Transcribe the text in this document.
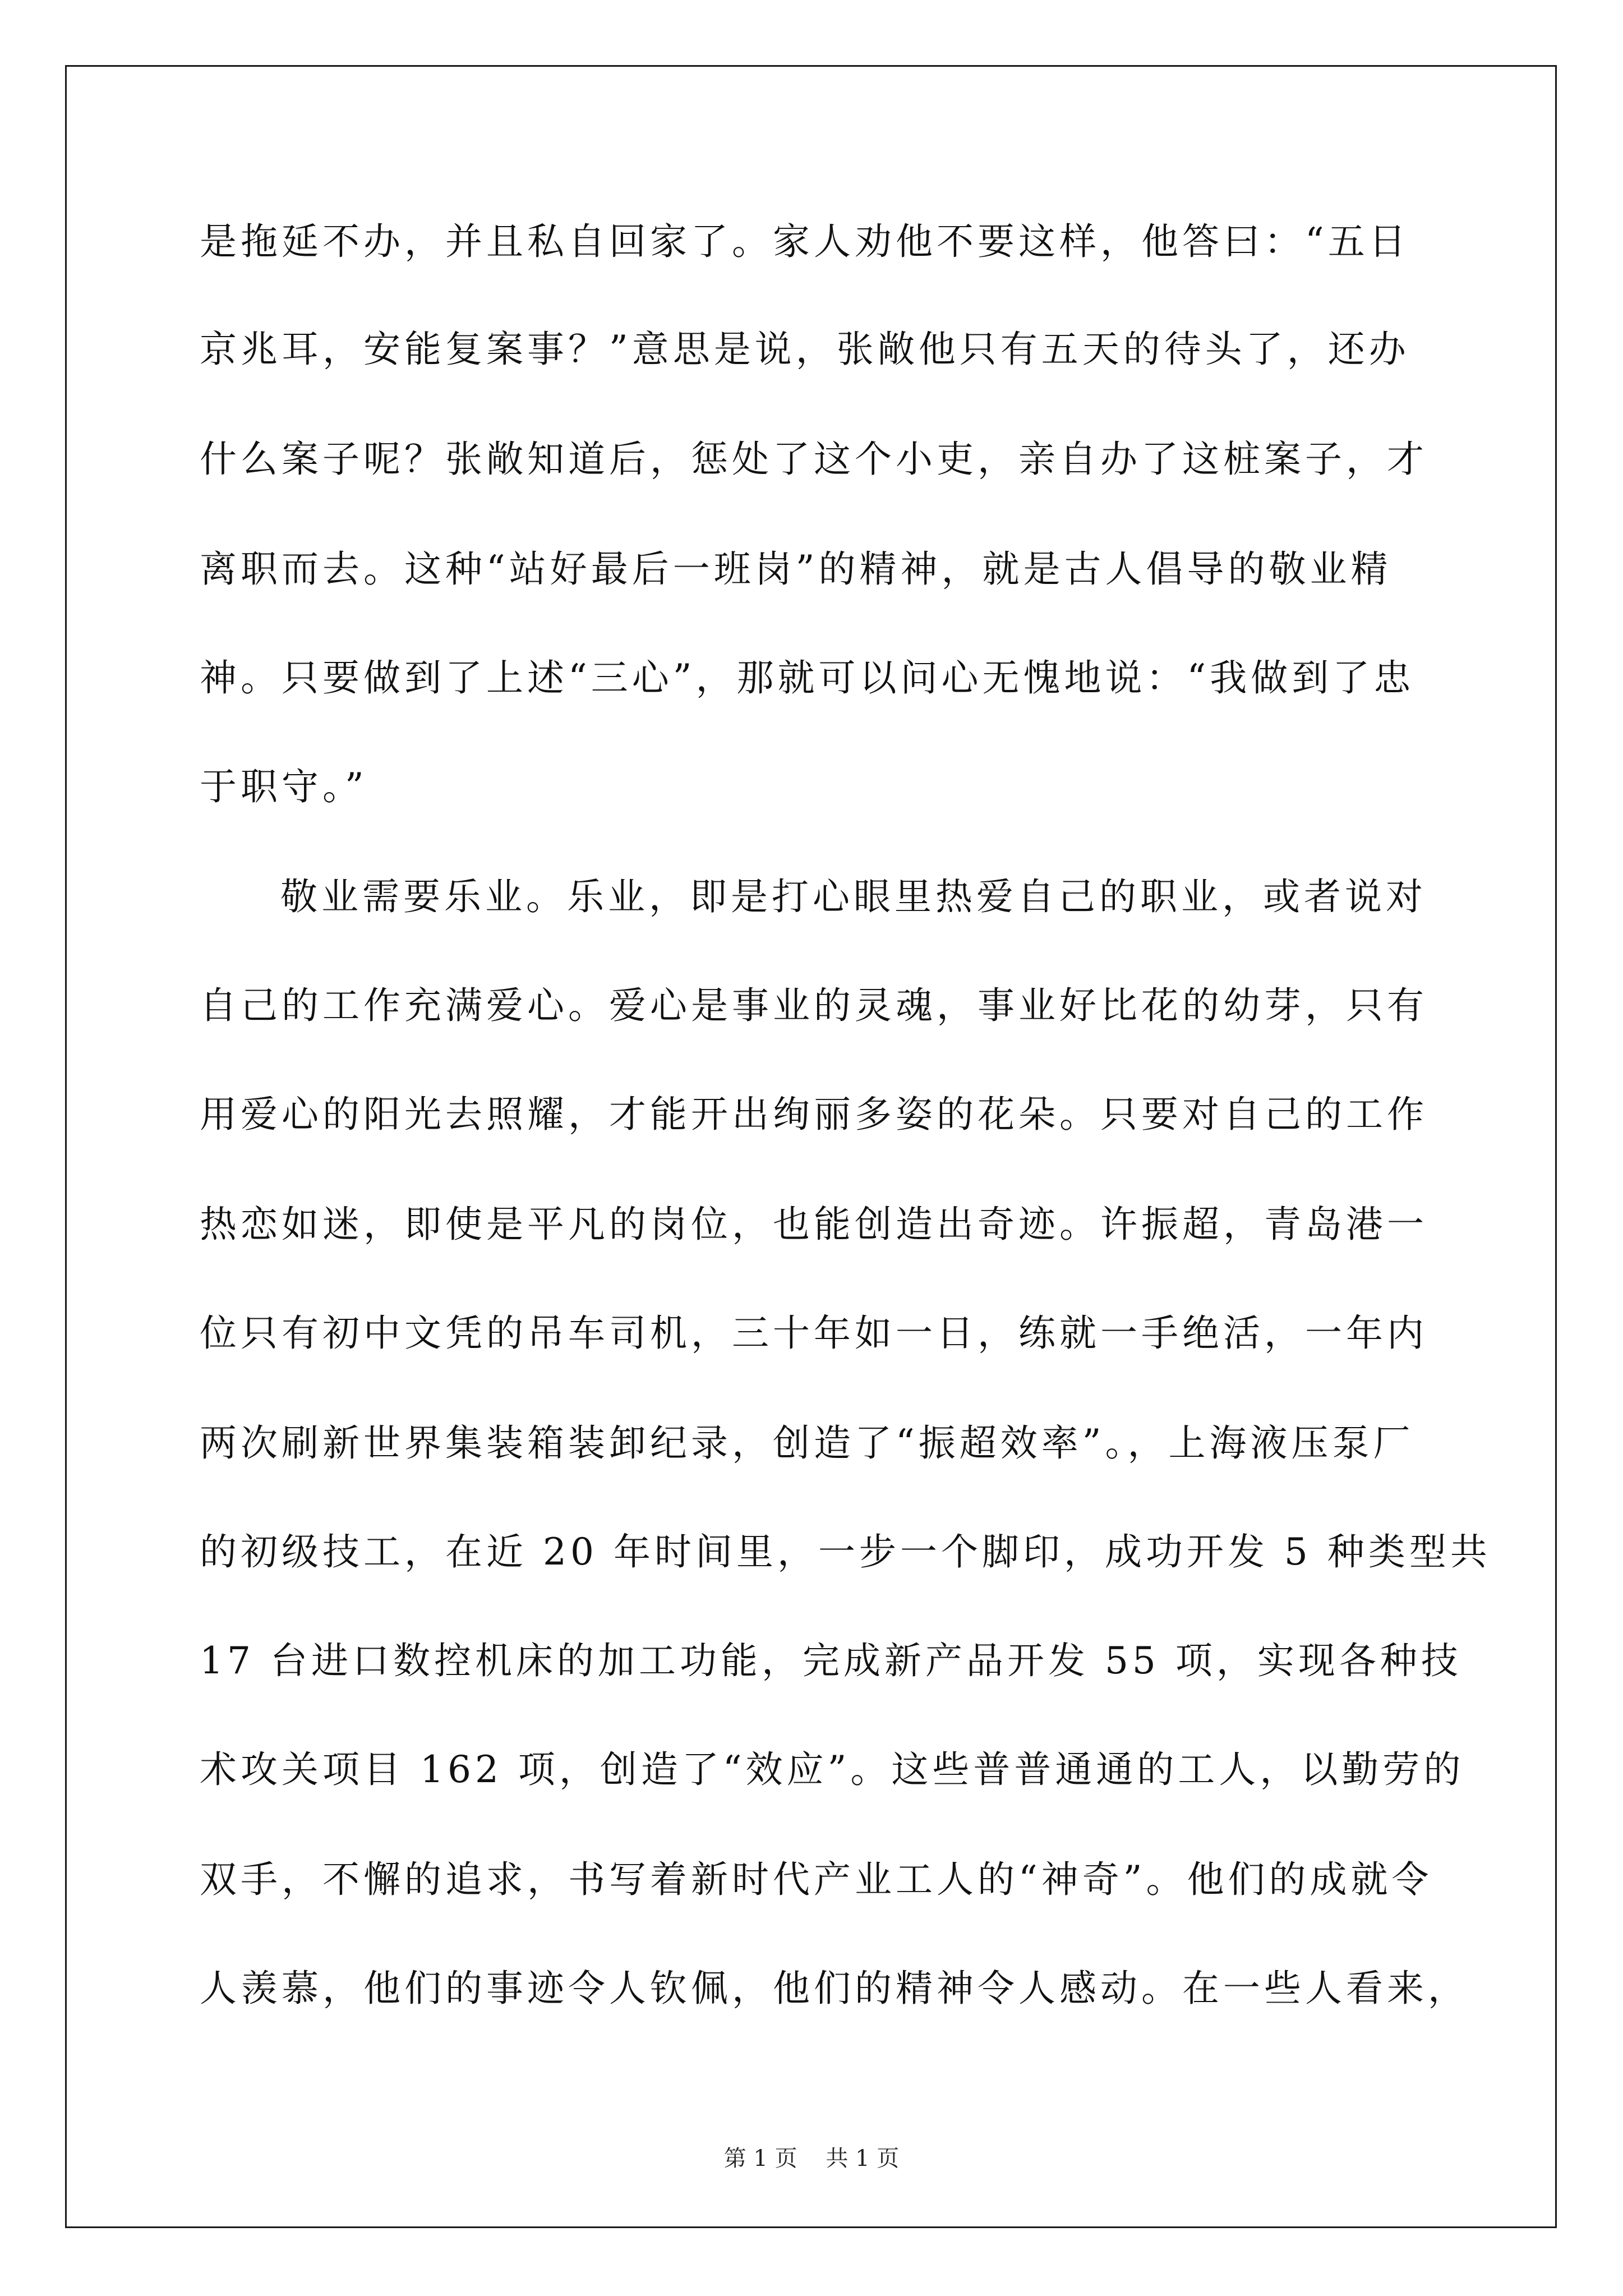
是拖延不办，并且私自回家了。家人劝他不要这样，他答曰：“五日
京兆耳，安能复案事？”意思是说，张敞他只有五天的待头了，还办
什么案子呢？张敞知道后，惩处了这个小吏，亲自办了这桩案子，才
离职而去。这种“站好最后一班岗”的精神，就是古人倡导的敬业精
神。只要做到了上述“三心”，那就可以问心无愧地说：“我做到了忠
于职守。”
敬业需要乐业。乐业，即是打心眼里热爱自己的职业，或者说对
自己的工作充满爱心。爱心是事业的灵魂，事业好比花的幼芽，只有
用爱心的阳光去照耀，才能开出绚丽多姿的花朵。只要对自己的工作
热恋如迷，即使是平凡的岗位，也能创造出奇迹。许振超，青岛港一
位只有初中文凭的吊车司机，三十年如一日，练就一手绝活，一年内
两次刷新世界集装箱装卸纪录，创造了“振超效率”。，上海液压泵厂
的初级技工，在近 20 年时间里，一步一个脚印，成功开发 5 种类型共
17 台进口数控机床的加工功能，完成新产品开发 55 项，实现各种技
术攻关项目 162 项，创造了“效应”。这些普普通通的工人，以勤劳的
双手，不懈的追求，书写着新时代产业工人的“神奇”。他们的成就令
人羡慕，他们的事迹令人钦佩，他们的精神令人感动。在一些人看来，
第 1 页    共 1 页
